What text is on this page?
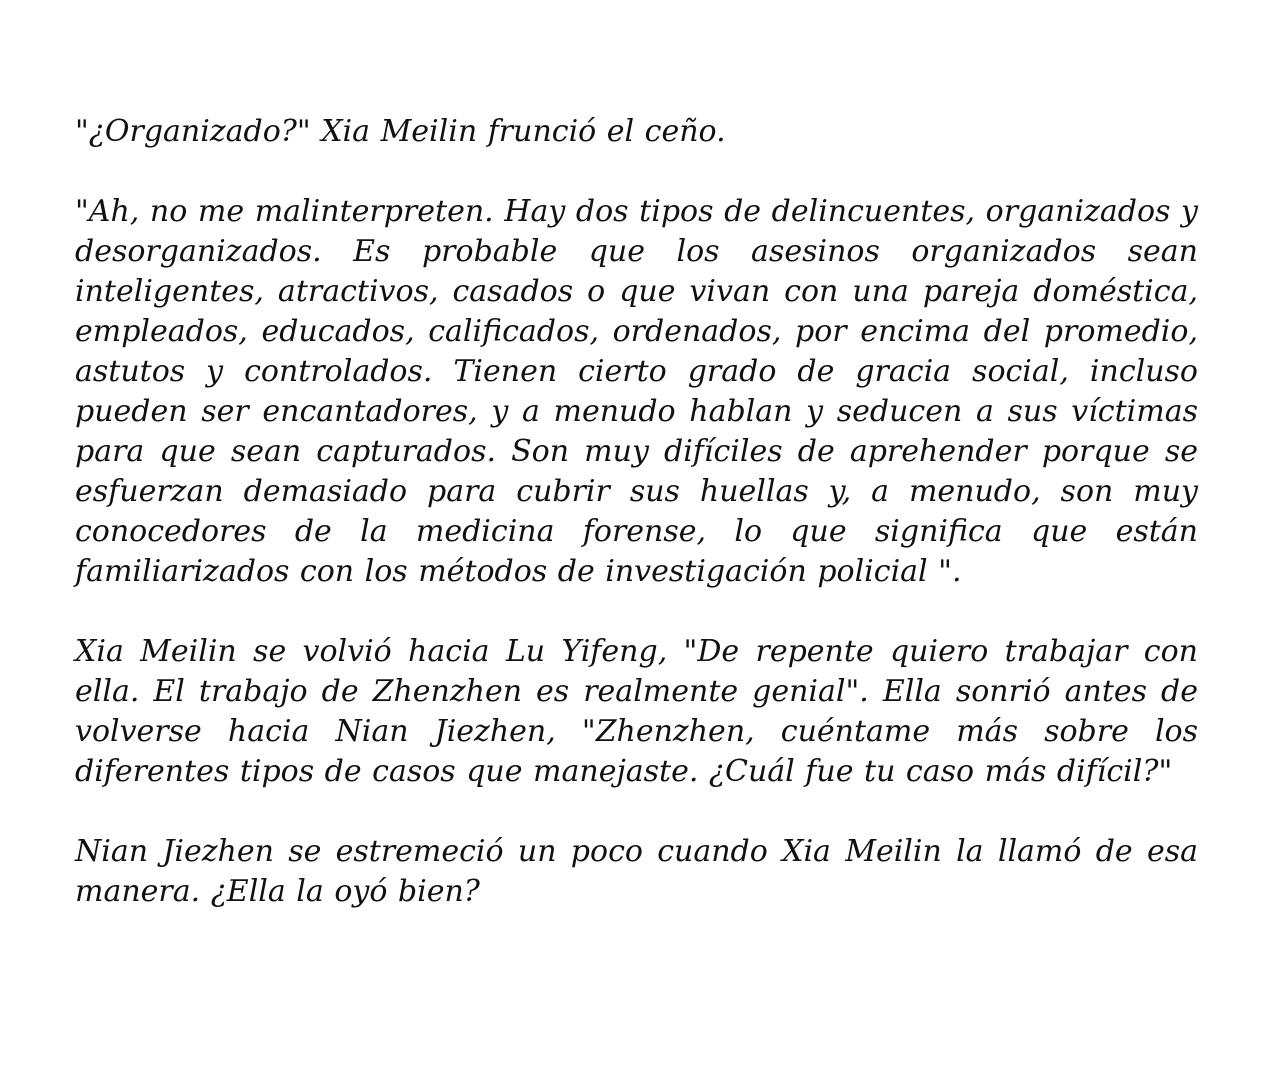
"¿Organizado?" Xia Meilin frunció el ceño.

"Ah, no me malinterpreten. Hay dos tipos de delincuentes, organizados y desorganizados. Es probable que los asesinos organizados sean inteligentes, atractivos, casados o que vivan con una pareja doméstica, empleados, educados, calificados, ordenados, por encima del promedio, astutos y controlados. Tienen cierto grado de gracia social, incluso pueden ser encantadores, y a menudo hablan y seducen a sus víctimas para que sean capturados. Son muy difíciles de aprehender porque se esfuerzan demasiado para cubrir sus huellas y, a menudo, son muy conocedores de la medicina forense, lo que significa que están familiarizados con los métodos de investigación policial ".

Xia Meilin se volvió hacia Lu Yifeng, "De repente quiero trabajar con ella. El trabajo de Zhenzhen es realmente genial". Ella sonrió antes de volverse hacia Nian Jiezhen, "Zhenzhen, cuéntame más sobre los diferentes tipos de casos que manejaste. ¿Cuál fue tu caso más difícil?"

Nian Jiezhen se estremeció un poco cuando Xia Meilin la llamó de esa manera. ¿Ella la oyó bien?
